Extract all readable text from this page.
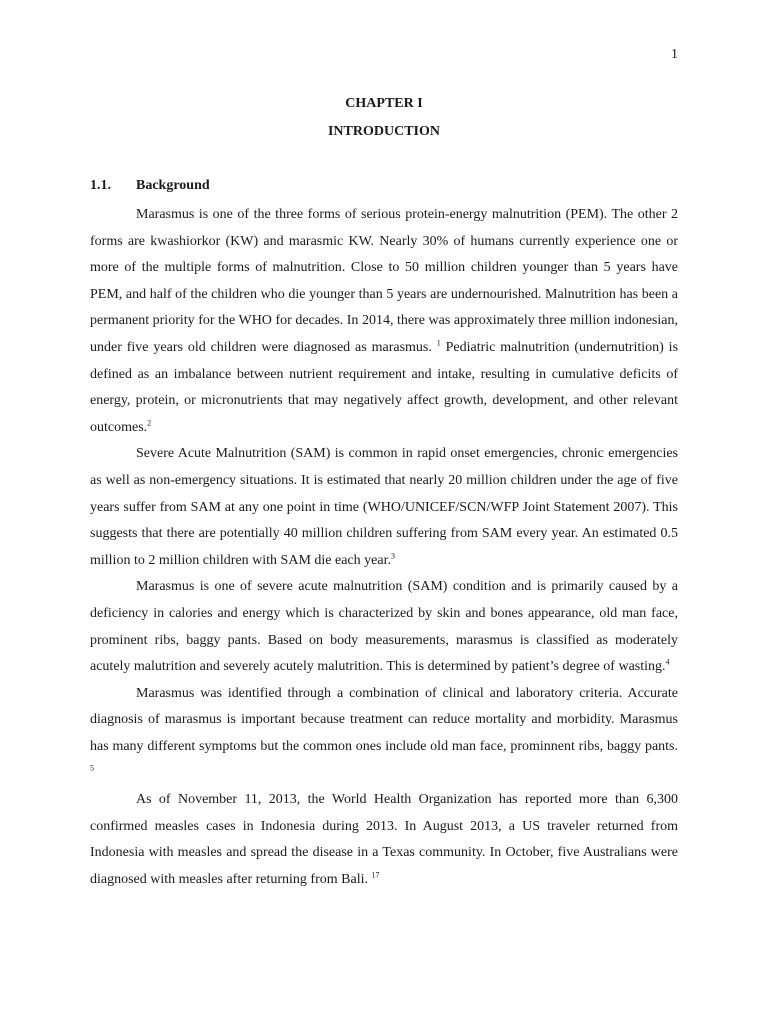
1
CHAPTER I
INTRODUCTION
1.1. Background

Marasmus is one of the three forms of serious protein-energy malnutrition (PEM). The other 2 forms are kwashiorkor (KW) and marasmic KW. Nearly 30% of humans currently experience one or more of the multiple forms of malnutrition. Close to 50 million children younger than 5 years have PEM, and half of the children who die younger than 5 years are undernourished. Malnutrition has been a permanent priority for the WHO for decades. In 2014, there was approximately three million indonesian, under five years old children were diagnosed as marasmus. $^1$ Pediatric malnutrition (undernutrition) is defined as an imbalance between nutrient requirement and intake, resulting in cumulative deficits of energy, protein, or micronutrients that may negatively affect growth, development, and other relevant outcomes.$^2$

Severe Acute Malnutrition (SAM) is common in rapid onset emergencies, chronic emergencies as well as non-emergency situations. It is estimated that nearly 20 million children under the age of five years suffer from SAM at any one point in time (WHO/UNICEF/SCN/WFP Joint Statement 2007). This suggests that there are potentially 40 million children suffering from SAM every year. An estimated 0.5 million to 2 million children with SAM die each year.$^3$

Marasmus is one of severe acute malnutrition (SAM) condition and is primarily caused by a deficiency in calories and energy which is characterized by skin and bones appearance, old man face, prominent ribs, baggy pants. Based on body measurements, marasmus is classified as moderately acutely malutrition and severely acutely malutrition. This is determined by patient’s degree of wasting.$^4$

Marasmus was identified through a combination of clinical and laboratory criteria. Accurate diagnosis of marasmus is important because treatment can reduce mortality and morbidity. Marasmus has many different symptoms but the common ones include old man face, prominnent ribs, baggy pants. $^5$

As of November 11, 2013, the World Health Organization has reported more than 6,300 confirmed measles cases in Indonesia during 2013. In August 2013, a US traveler returned from Indonesia with measles and spread the disease in a Texas community. In October, five Australians were diagnosed with measles after returning from Bali. $^{17}$
